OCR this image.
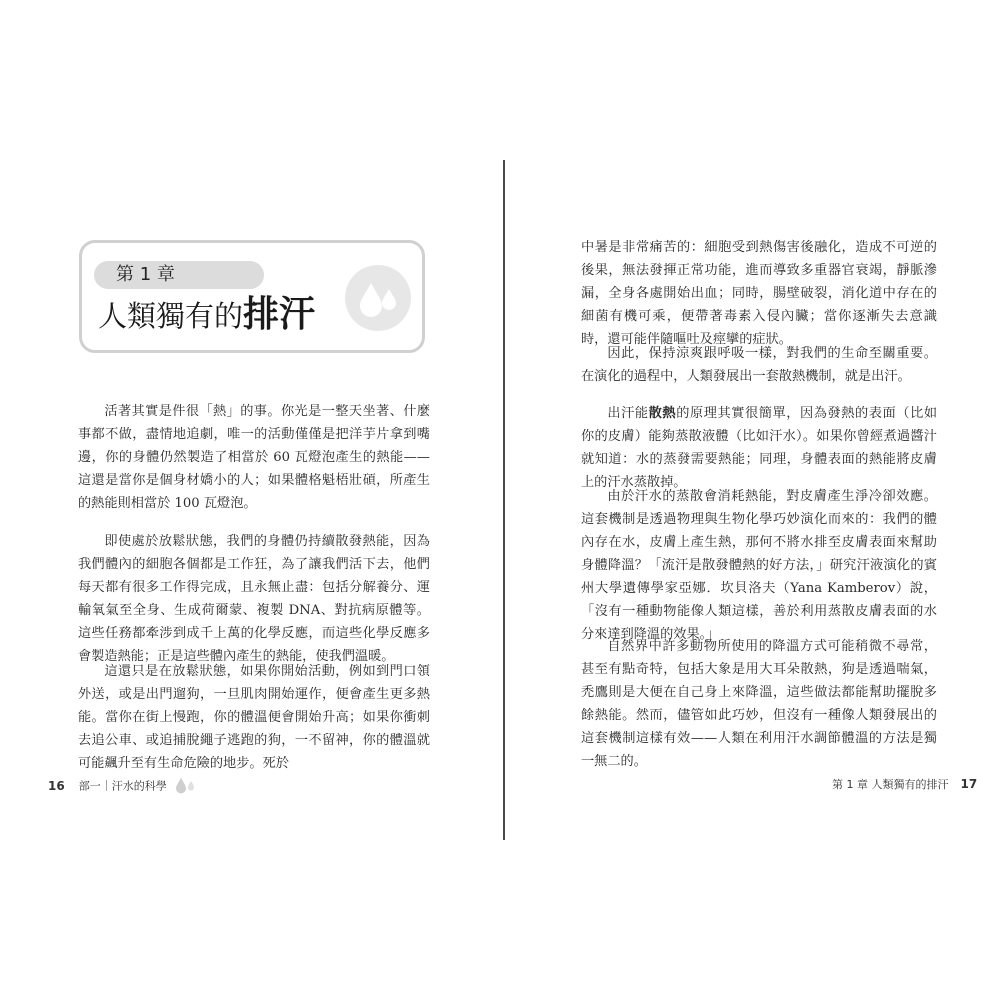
第 1 章
人類獨有的排汗

活著其實是件很「熱」的事。你光是一整天坐著、什麼事都不做，盡情地追劇，唯一的活動僅僅是把洋芋片拿到嘴邊，你的身體仍然製造了相當於 60 瓦燈泡產生的熱能——這還是當你是個身材嬌小的人；如果體格魁梧壯碩，所產生的熱能則相當於 100 瓦燈泡。

即使處於放鬆狀態，我們的身體仍持續散發熱能，因為我們體內的細胞各個都是工作狂，為了讓我們活下去，他們每天都有很多工作得完成，且永無止盡：包括分解養分、運輸氧氣至全身、生成荷爾蒙、複製 DNA、對抗病原體等。這些任務都牽涉到成千上萬的化學反應，而這些化學反應多會製造熱能；正是這些體內產生的熱能，使我們溫暖。

這還只是在放鬆狀態，如果你開始活動，例如到門口領外送，或是出門遛狗，一旦肌肉開始運作，便會產生更多熱能。當你在街上慢跑，你的體溫便會開始升高；如果你衝刺去追公車、或追捕脫繩子逃跑的狗，一不留神，你的體溫就可能飆升至有生命危險的地步。死於

16 部一｜汗水的科學

中暑是非常痛苦的：細胞受到熱傷害後融化，造成不可逆的後果，無法發揮正常功能，進而導致多重器官衰竭，靜脈滲漏，全身各處開始出血；同時，腸壁破裂，消化道中存在的細菌有機可乘，便帶著毒素入侵內臟；當你逐漸失去意識時，還可能伴隨嘔吐及痙攣的症狀。

因此，保持涼爽跟呼吸一樣，對我們的生命至關重要。在演化的過程中，人類發展出一套散熱機制，就是出汗。

出汗能散熱的原理其實很簡單，因為發熱的表面（比如你的皮膚）能夠蒸散液體（比如汗水）。如果你曾經煮過醬汁就知道：水的蒸發需要熱能；同理，身體表面的熱能將皮膚上的汗水蒸散掉。

由於汗水的蒸散會消耗熱能，對皮膚產生淨冷卻效應。這套機制是透過物理與生物化學巧妙演化而來的：我們的體內存在水，皮膚上產生熱，那何不將水排至皮膚表面來幫助身體降溫？「流汗是散發體熱的好方法，」研究汗液演化的賓州大學遺傳學家亞娜．坎貝洛夫（Yana Kamberov）說，「沒有一種動物能像人類這樣，善於利用蒸散皮膚表面的水分來達到降溫的效果。」

自然界中許多動物所使用的降溫方式可能稍微不尋常，甚至有點奇特，包括大象是用大耳朵散熱，狗是透過喘氣，禿鷹則是大便在自己身上來降溫，這些做法都能幫助擺脫多餘熱能。然而，儘管如此巧妙，但沒有一種像人類發展出的這套機制這樣有效——人類在利用汗水調節體溫的方法是獨一無二的。

第 1 章 人類獨有的排汗 17
